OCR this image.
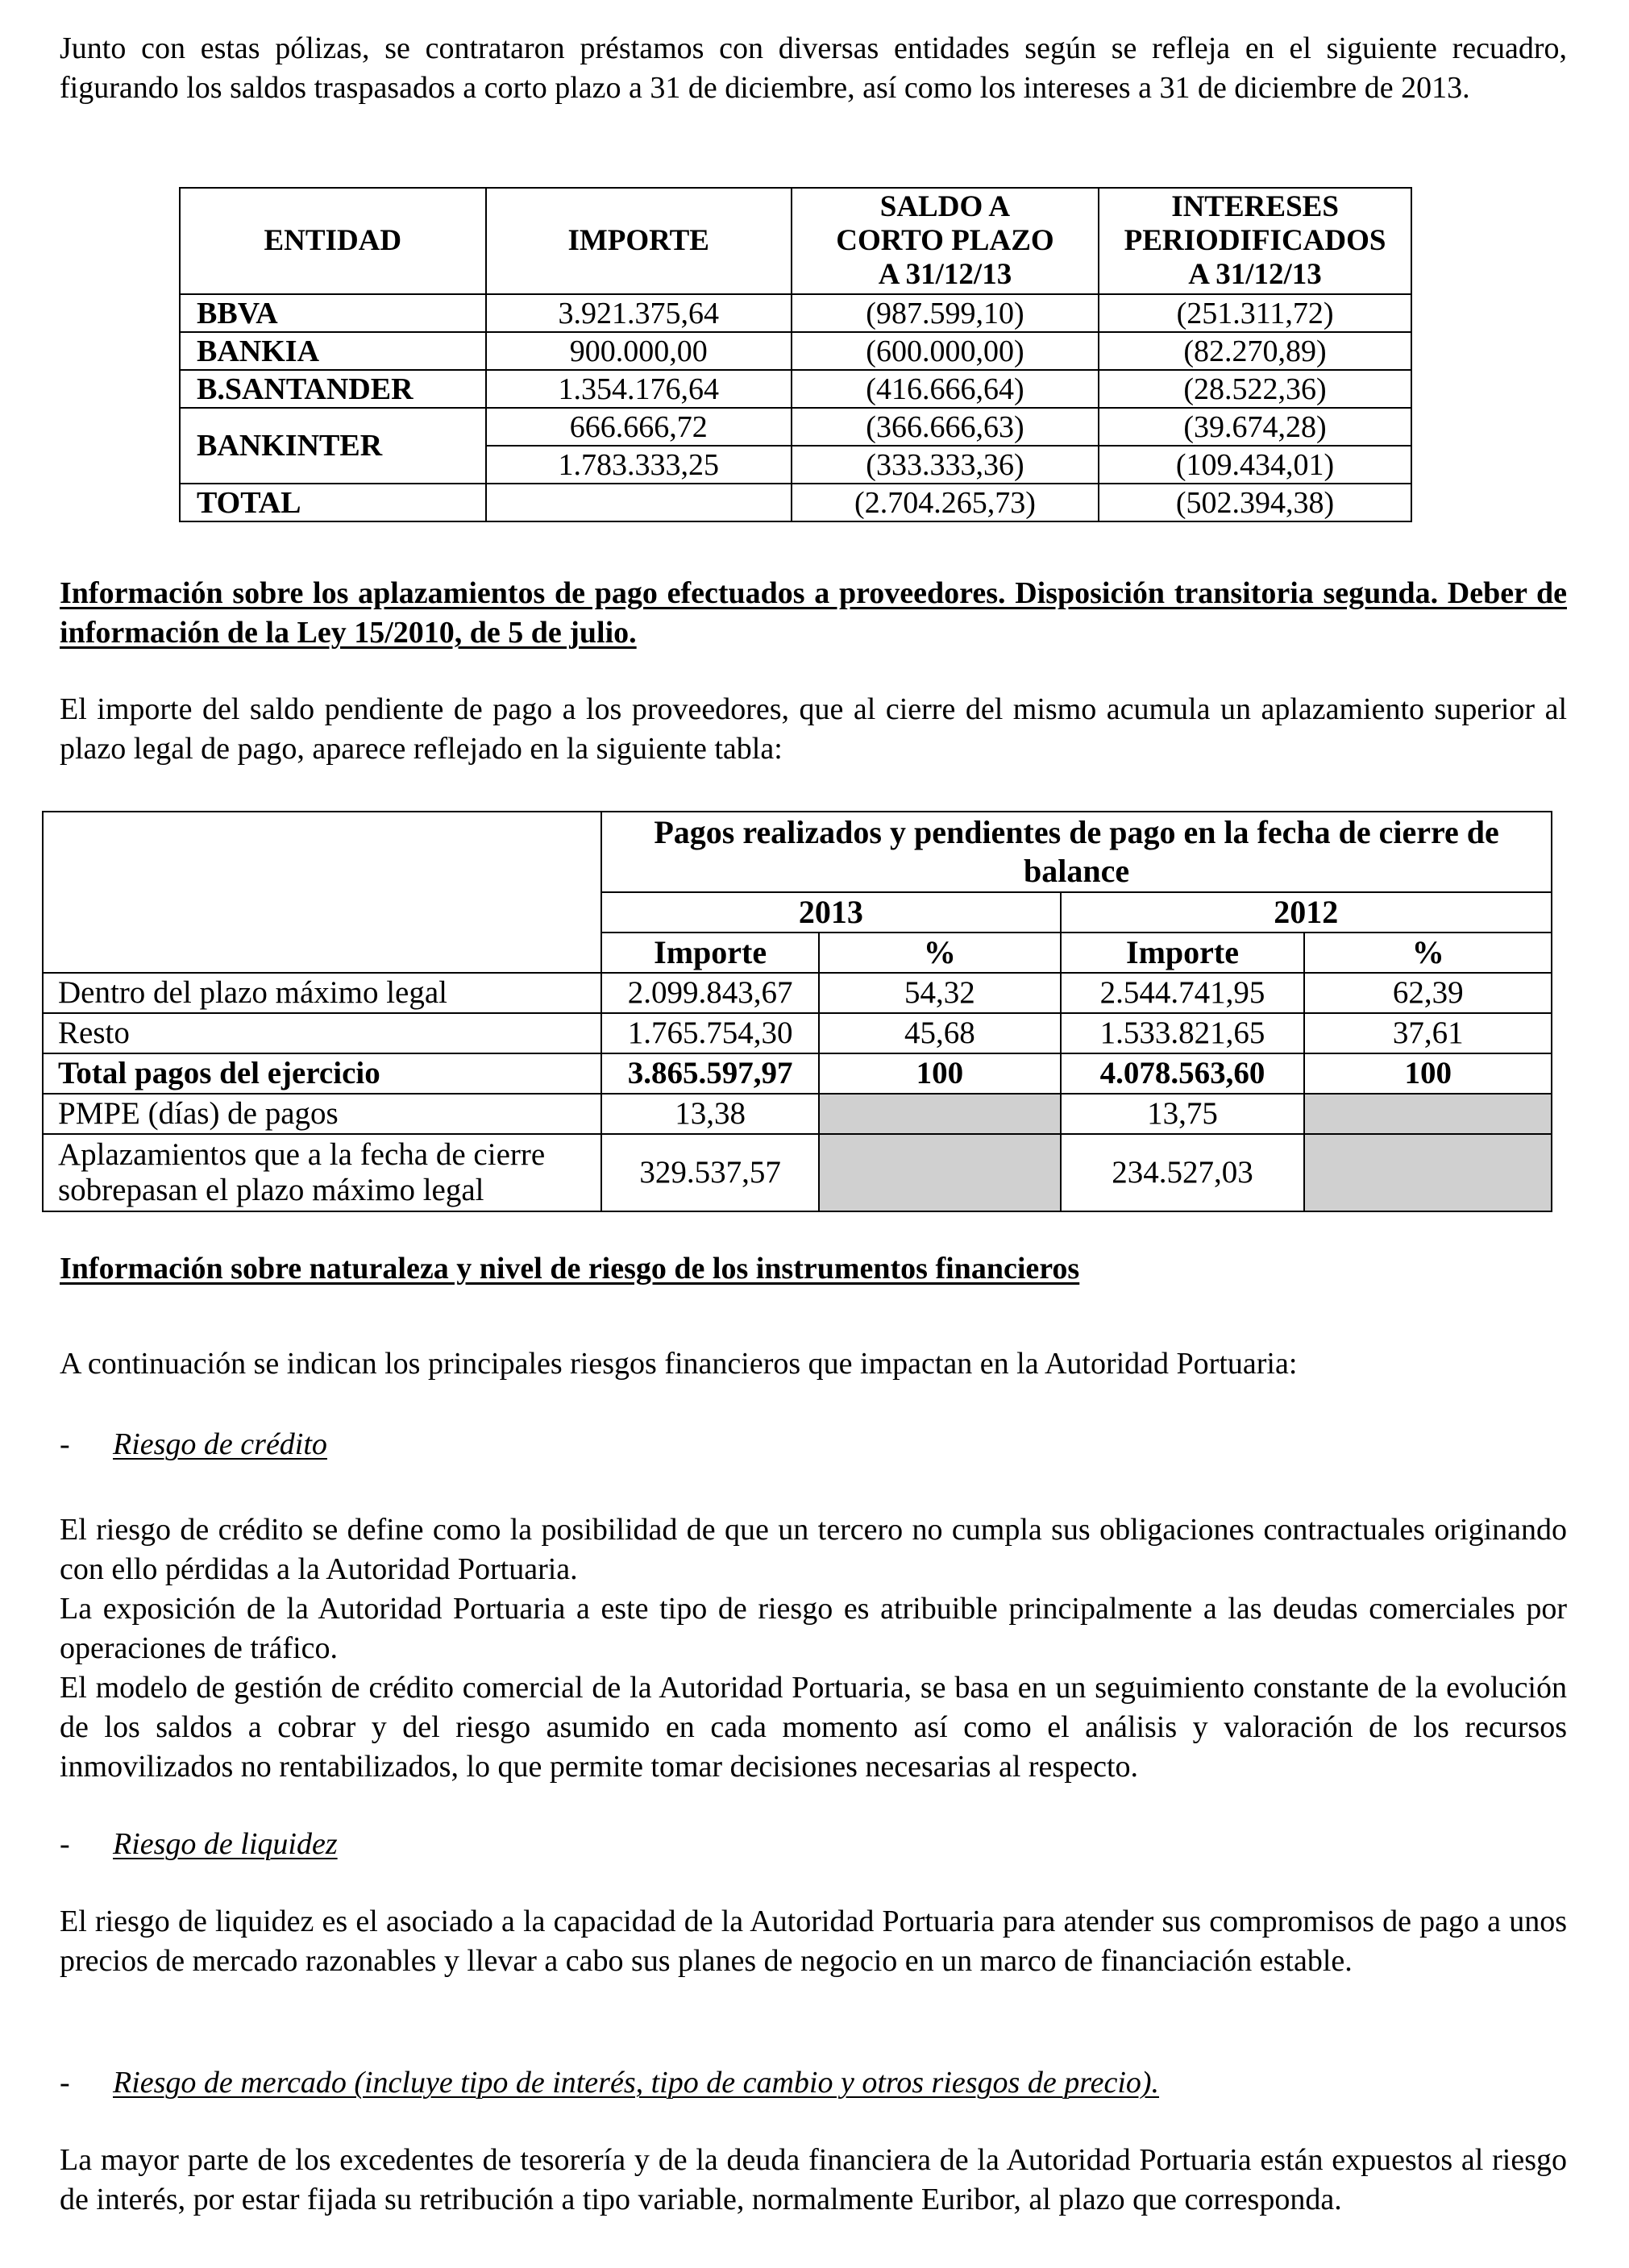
Junto con estas pólizas, se contrataron préstamos con diversas entidades según se refleja en el siguiente recuadro, figurando los saldos traspasados a corto plazo a 31 de diciembre, así como los intereses a 31 de diciembre de 2013.

ENTIDAD	IMPORTE	SALDO A CORTO PLAZO A 31/12/13	INTERESES PERIODIFICADOS A 31/12/13
BBVA	3.921.375,64	(987.599,10)	(251.311,72)
BANKIA	900.000,00	(600.000,00)	(82.270,89)
B.SANTANDER	1.354.176,64	(416.666,64)	(28.522,36)
BANKINTER	666.666,72	(366.666,63)	(39.674,28)
	1.783.333,25	(333.333,36)	(109.434,01)
TOTAL		(2.704.265,73)	(502.394,38)

Información sobre los aplazamientos de pago efectuados a proveedores. Disposición transitoria segunda. Deber de información de la Ley 15/2010, de 5 de julio.

El importe del saldo pendiente de pago a los proveedores, que al cierre del mismo acumula un aplazamiento superior al plazo legal de pago, aparece reflejado en la siguiente tabla:

	Pagos realizados y pendientes de pago en la fecha de cierre de balance			
	2013		2012	
	Importe	%	Importe	%
Dentro del plazo máximo legal	2.099.843,67	54,32	2.544.741,95	62,39
Resto	1.765.754,30	45,68	1.533.821,65	37,61
Total pagos del ejercicio	3.865.597,97	100	4.078.563,60	100
PMPE (días) de pagos	13,38		13,75	
Aplazamientos que a la fecha de cierre sobrepasan el plazo máximo legal	329.537,57		234.527,03	

Información sobre naturaleza y nivel de riesgo de los instrumentos financieros

A continuación se indican los principales riesgos financieros que impactan en la Autoridad Portuaria:

-	Riesgo de crédito

El riesgo de crédito se define como la posibilidad de que un tercero no cumpla sus obligaciones contractuales originando con ello pérdidas a la Autoridad Portuaria.

La exposición de la Autoridad Portuaria a este tipo de riesgo es atribuible principalmente a las deudas comerciales por operaciones de tráfico.

El modelo de gestión de crédito comercial de la Autoridad Portuaria, se basa en un seguimiento constante de la evolución de los saldos a cobrar y del riesgo asumido en cada momento así como el análisis y valoración de los recursos inmovilizados no rentabilizados, lo que permite tomar decisiones necesarias al respecto.

-	Riesgo de liquidez

El riesgo de liquidez es el asociado a la capacidad de la Autoridad Portuaria para atender sus compromisos de pago a unos precios de mercado razonables y llevar a cabo sus planes de negocio en un marco de financiación estable.

-	Riesgo de mercado (incluye tipo de interés, tipo de cambio y otros riesgos de precio).

La mayor parte de los excedentes de tesorería y de la deuda financiera de la Autoridad Portuaria están expuestos al riesgo de interés, por estar fijada su retribución a tipo variable, normalmente Euribor, al plazo que corresponda.
